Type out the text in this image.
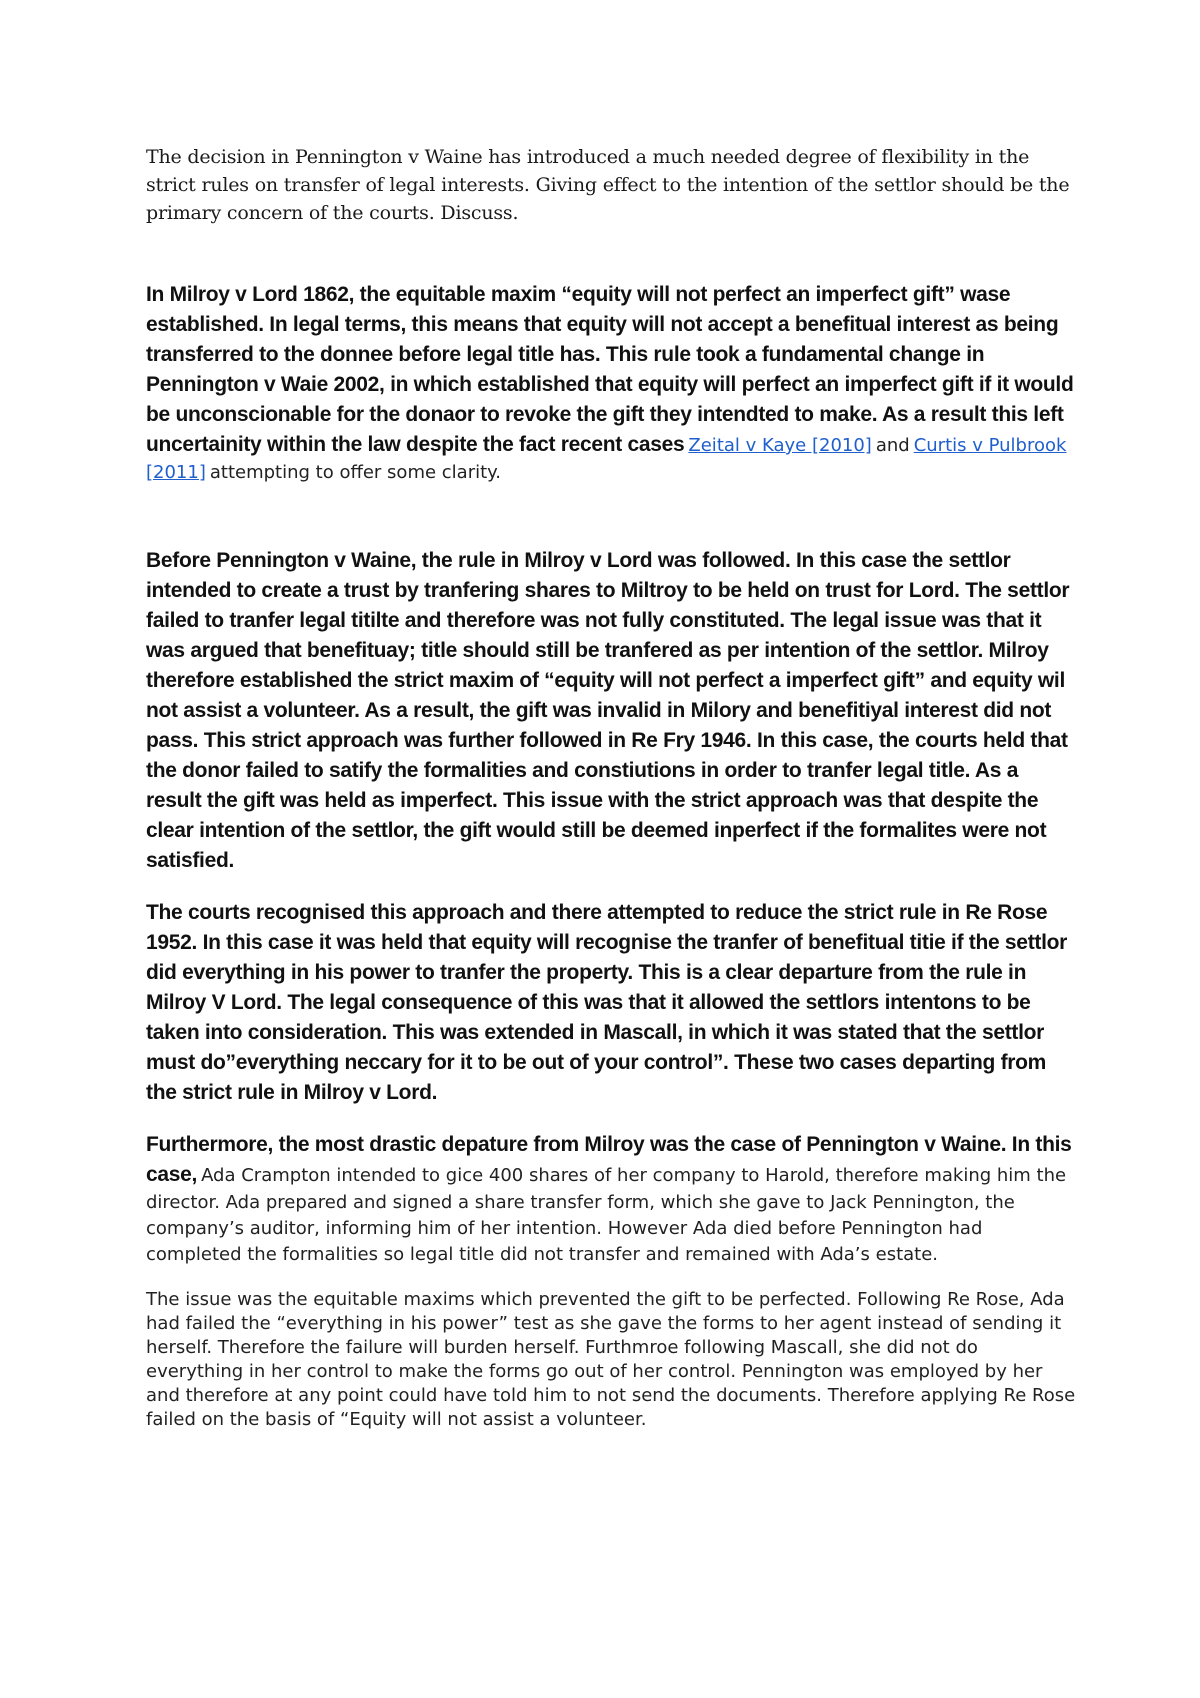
The decision in Pennington v Waine has introduced a much needed degree of flexibility in the strict rules on transfer of legal interests. Giving effect to the intention of the settlor should be the primary concern of the courts. Discuss.

In Milroy v Lord 1862, the equitable maxim “equity will not perfect an imperfect gift” wase established. In legal terms, this means that equity will not accept a benefitual interest as being transferred to the donnee before legal title has. This rule took a fundamental change in Pennington v Waie 2002, in which established that equity will perfect an imperfect gift if it would be unconscionable for the donaor to revoke the gift they intendted to make. As a result this left uncertainity within the law despite the fact recent cases Zeital v Kaye [2010] and Curtis v Pulbrook [2011] attempting to offer some clarity.

Before Pennington v Waine, the rule in Milroy v Lord was followed. In this case the settlor intended to create a trust by tranfering shares to Miltroy to be held on trust for Lord. The settlor failed to tranfer legal titilte and therefore was not fully constituted. The legal issue was that it was argued that benefituay; title should still be tranfered as per intention of the settlor. Milroy therefore established the strict maxim of “equity will not perfect a imperfect gift” and equity wil not assist a volunteer. As a result, the gift was invalid in Milory and benefitiyal interest did not pass. This strict approach was further followed in Re Fry 1946. In this case, the courts held that the donor failed to satify the formalities and constiutions in order to tranfer legal title. As a result the gift was held as imperfect. This issue with the strict approach was that despite the clear intention of the settlor, the gift would still be deemed inperfect if the formalites were not satisfied.

The courts recognised this approach and there attempted to reduce the strict rule in Re Rose 1952. In this case it was held that equity will recognise the tranfer of benefitual titie if the settlor did everything in his power to tranfer the property. This is a clear departure from the rule in Milroy V Lord. The legal consequence of this was that it allowed the settlors intentons to be taken into consideration. This was extended in Mascall, in which it was stated that the settlor must do”everything neccary for it to be out of your control”. These two cases departing from the strict rule in Milroy v Lord.

Furthermore, the most drastic depature from Milroy was the case of Pennington v Waine. In this case, Ada Crampton intended to gice 400 shares of her company to Harold, therefore making him the director. Ada prepared and signed a share transfer form, which she gave to Jack Pennington, the company’s auditor, informing him of her intention. However Ada died before Pennington had completed the formalities so legal title did not transfer and remained with Ada’s estate.

The issue was the equitable maxims which prevented the gift to be perfected. Following Re Rose, Ada had failed the “everything in his power” test as she gave the forms to her agent instead of sending it herself. Therefore the failure will burden herself. Furthmroe following Mascall, she did not do everything in her control to make the forms go out of her control. Pennington was employed by her and therefore at any point could have told him to not send the documents. Therefore applying Re Rose failed on the basis of “Equity will not assist a volunteer.
